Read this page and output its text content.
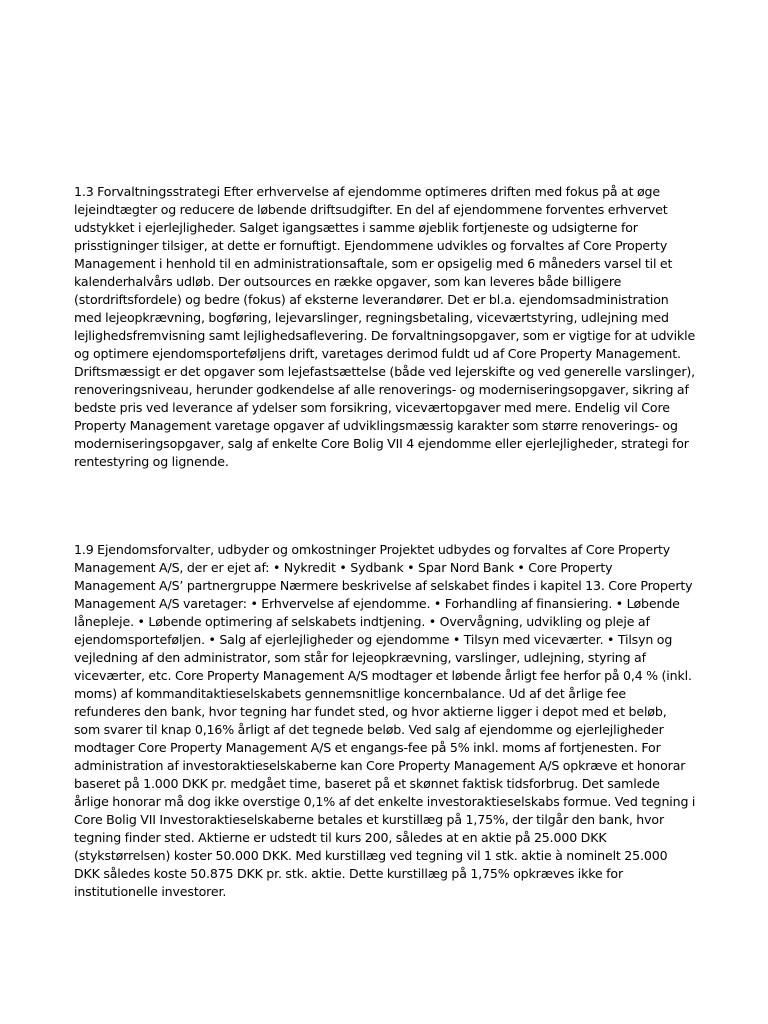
1.3 Forvaltningsstrategi Efter erhvervelse af ejendomme optimeres driften med fokus på at øge lejeindtægter og reducere de løbende driftsudgifter. En del af ejendommene forventes erhvervet udstykket i ejerlejligheder. Salget igangsættes i samme øjeblik fortjeneste og udsigterne for prisstigninger tilsiger, at dette er fornuftigt. Ejendommene udvikles og forvaltes af Core Property Management i henhold til en administrationsaftale, som er opsigelig med 6 måneders varsel til et kalenderhalvårs udløb. Der outsources en række opgaver, som kan leveres både billigere (stordriftsfordele) og bedre (fokus) af eksterne leverandører. Det er bl.a. ejendomsadministration med lejeopkrævning, bogføring, lejevarslinger, regningsbetaling, viceværtstyring, udlejning med lejlighedsfremvisning samt lejlighedsaflevering. De forvaltningsopgaver, som er vigtige for at udvikle og optimere ejendomsporteføljens drift, varetages derimod fuldt ud af Core Property Management. Driftsmæssigt er det opgaver som lejefastsættelse (både ved lejerskifte og ved generelle varslinger), renoveringsniveau, herunder godkendelse af alle renoverings- og moderniseringsopgaver, sikring af bedste pris ved leverance af ydelser som forsikring, viceværtopgaver med mere. Endelig vil Core Property Management varetage opgaver af udviklingsmæssig karakter som større renoverings- og moderniseringsopgaver, salg af enkelte Core Bolig VII 4 ejendomme eller ejerlejligheder, strategi for rentestyring og lignende.

1.9 Ejendomsforvalter, udbyder og omkostninger Projektet udbydes og forvaltes af Core Property Management A/S, der er ejet af: • Nykredit • Sydbank • Spar Nord Bank • Core Property Management A/S’ partnergruppe Nærmere beskrivelse af selskabet findes i kapitel 13. Core Property Management A/S varetager: • Erhvervelse af ejendomme. • Forhandling af finansiering. • Løbende lånepleje. • Løbende optimering af selskabets indtjening. • Overvågning, udvikling og pleje af ejendomsporteføljen. • Salg af ejerlejligheder og ejendomme • Tilsyn med viceværter. • Tilsyn og vejledning af den administrator, som står for lejeopkrævning, varslinger, udlejning, styring af viceværter, etc. Core Property Management A/S modtager et løbende årligt fee herfor på 0,4 % (inkl. moms) af kommanditaktieselskabets gennemsnitlige koncernbalance. Ud af det årlige fee refunderes den bank, hvor tegning har fundet sted, og hvor aktierne ligger i depot med et beløb, som svarer til knap 0,16% årligt af det tegnede beløb. Ved salg af ejendomme og ejerlejligheder modtager Core Property Management A/S et engangs-fee på 5% inkl. moms af fortjenesten. For administration af investoraktieselskaberne kan Core Property Management A/S opkræve et honorar baseret på 1.000 DKK pr. medgået time, baseret på et skønnet faktisk tidsforbrug. Det samlede årlige honorar må dog ikke overstige 0,1% af det enkelte investoraktieselskabs formue. Ved tegning i Core Bolig VII Investoraktieselskaberne betales et kurstillæg på 1,75%, der tilgår den bank, hvor tegning finder sted. Aktierne er udstedt til kurs 200, således at en aktie på 25.000 DKK (stykstørrelsen) koster 50.000 DKK. Med kurstillæg ved tegning vil 1 stk. aktie à nominelt 25.000 DKK således koste 50.875 DKK pr. stk. aktie. Dette kurstillæg på 1,75% opkræves ikke for institutionelle investorer.
